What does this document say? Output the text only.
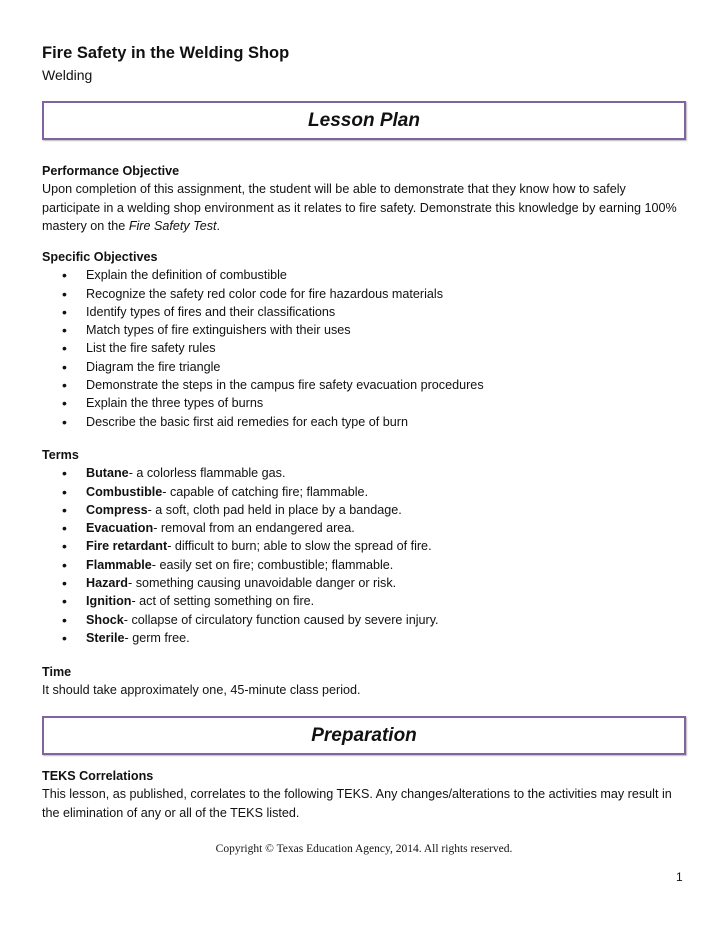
Fire Safety in the Welding Shop
Welding
Lesson Plan
Performance Objective

Upon completion of this assignment, the student will be able to demonstrate that they know how to safely participate in a welding shop environment as it relates to fire safety. Demonstrate this knowledge by earning 100% mastery on the Fire Safety Test.

Specific Objectives
• Explain the definition of combustible
• Recognize the safety red color code for fire hazardous materials
• Identify types of fires and their classifications
• Match types of fire extinguishers with their uses
• List the fire safety rules
• Diagram the fire triangle
• Demonstrate the steps in the campus fire safety evacuation procedures
• Explain the three types of burns
• Describe the basic first aid remedies for each type of burn
Terms
• Butane- a colorless flammable gas.
• Combustible- capable of catching fire; flammable.
• Compress- a soft, cloth pad held in place by a bandage.
• Evacuation- removal from an endangered area.
• Fire retardant- difficult to burn; able to slow the spread of fire.
• Flammable- easily set on fire; combustible; flammable.
• Hazard- something causing unavoidable danger or risk.
• Ignition- act of setting something on fire.
• Shock- collapse of circulatory function caused by severe injury.
• Sterile- germ free.
Time

It should take approximately one, 45-minute class period.

Preparation
TEKS Correlations

This lesson, as published, correlates to the following TEKS. Any changes/alterations to the activities may result in the elimination of any or all of the TEKS listed.

Copyright © Texas Education Agency, 2014. All rights reserved.
1
